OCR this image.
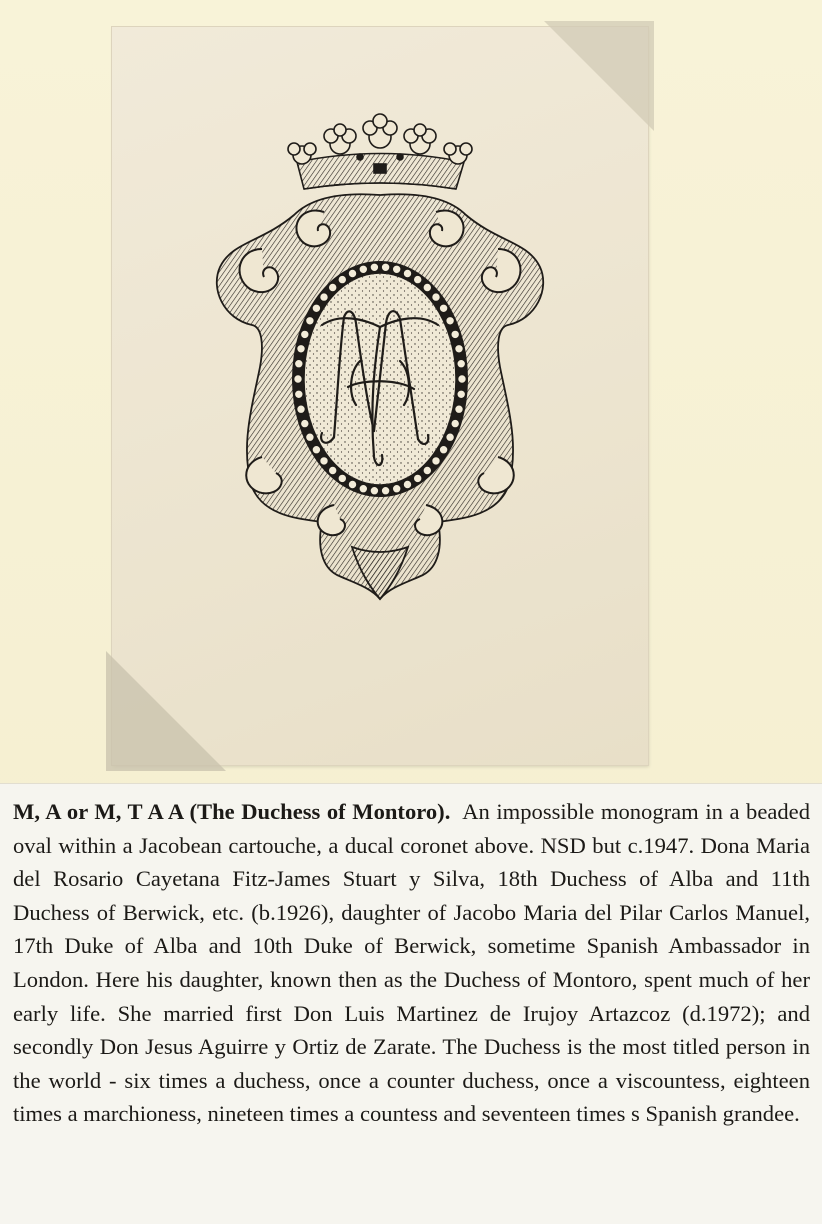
M, A or M, T A A (The Duchess of Montoro). An impossible monogram in a beaded oval within a Jacobean cartouche, a ducal coronet above. NSD but c.1947. Dona Maria del Rosario Cayetana Fitz-James Stuart y Silva, 18th Duchess of Alba and 11th Duchess of Berwick, etc. (b.1926), daughter of Jacobo Maria del Pilar Carlos Manuel, 17th Duke of Alba and 10th Duke of Berwick, sometime Spanish Ambassador in London. Here his daughter, known then as the Duchess of Montoro, spent much of her early life. She married first Don Luis Martinez de Irujoy Artazcoz (d.1972); and secondly Don Jesus Aguirre y Ortiz de Zarate. The Duchess is the most titled person in the world - six times a duchess, once a counter duchess, once a viscountess, eighteen times a marchioness, nineteen times a countess and seventeen times s Spanish grandee.
